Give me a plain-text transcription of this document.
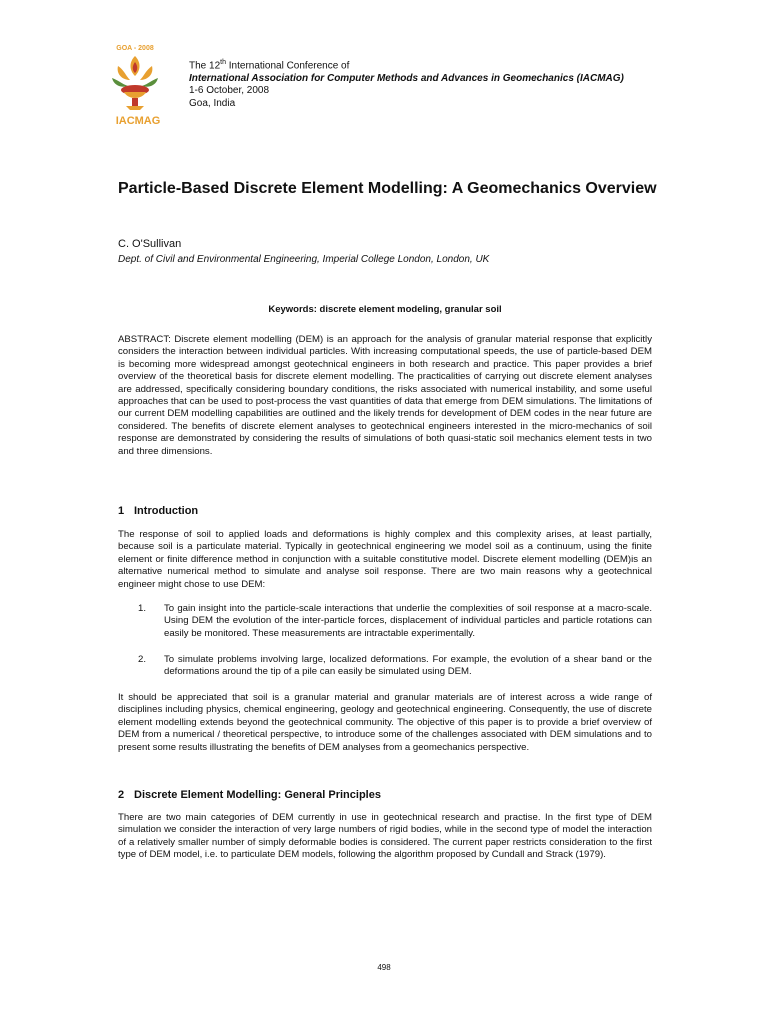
GOA - 2008
IACMAG
The 12th International Conference of
International Association for Computer Methods and Advances in Geomechanics (IACMAG)
1-6 October, 2008
Goa, India
Particle-Based Discrete Element Modelling: A Geomechanics Overview
C. O'Sullivan
Dept. of Civil and Environmental Engineering, Imperial College London, London, UK
Keywords: discrete element modeling, granular soil

ABSTRACT: Discrete element modelling (DEM) is an approach for the analysis of granular material response that explicitly considers the interaction between individual particles. With increasing computational speeds, the use of particle-based DEM is becoming more widespread amongst geotechnical engineers in both research and practice. This paper provides a brief overview of the theoretical basis for discrete element modelling. The practicalities of carrying out discrete element analyses are addressed, specifically considering boundary conditions, the risks associated with numerical instability, and some useful approaches that can be used to post-process the vast quantities of data that emerge from DEM simulations. The limitations of our current DEM modelling capabilities are outlined and the likely trends for development of DEM codes in the near future are considered. The benefits of discrete element analyses to geotechnical engineers interested in the micro-mechanics of soil response are demonstrated by considering the results of simulations of both quasi-static soil mechanics element tests in two and three dimensions.

1 Introduction

The response of soil to applied loads and deformations is highly complex and this complexity arises, at least partially, because soil is a particulate material. Typically in geotechnical engineering we model soil as a continuum, using the finite element or finite difference method in conjunction with a suitable constitutive model. Discrete element modelling (DEM)is an alternative numerical method to simulate and analyse soil response. There are two main reasons why a geotechnical engineer might chose to use DEM:

1. To gain insight into the particle-scale interactions that underlie the complexities of soil response at a macro-scale. Using DEM the evolution of the inter-particle forces, displacement of individual particles and particle rotations can easily be monitored. These measurements are intractable experimentally.
2. To simulate problems involving large, localized deformations. For example, the evolution of a shear band or the deformations around the tip of a pile can easily be simulated using DEM.

It should be appreciated that soil is a granular material and granular materials are of interest across a wide range of disciplines including physics, chemical engineering, geology and geotechnical engineering. Consequently, the use of discrete element modelling extends beyond the geotechnical community. The objective of this paper is to provide a brief overview of DEM from a numerical / theoretical perspective, to introduce some of the challenges associated with DEM simulations and to present some results illustrating the benefits of DEM analyses from a geomechanics perspective.

2 Discrete Element Modelling: General Principles

There are two main categories of DEM currently in use in geotechnical research and practise. In the first type of DEM simulation we consider the interaction of very large numbers of rigid bodies, while in the second type of model the interaction of a relatively smaller number of simply deformable bodies is considered. The current paper restricts consideration to the first type of DEM model, i.e. to particulate DEM models, following the algorithm proposed by Cundall and Strack (1979).

498
